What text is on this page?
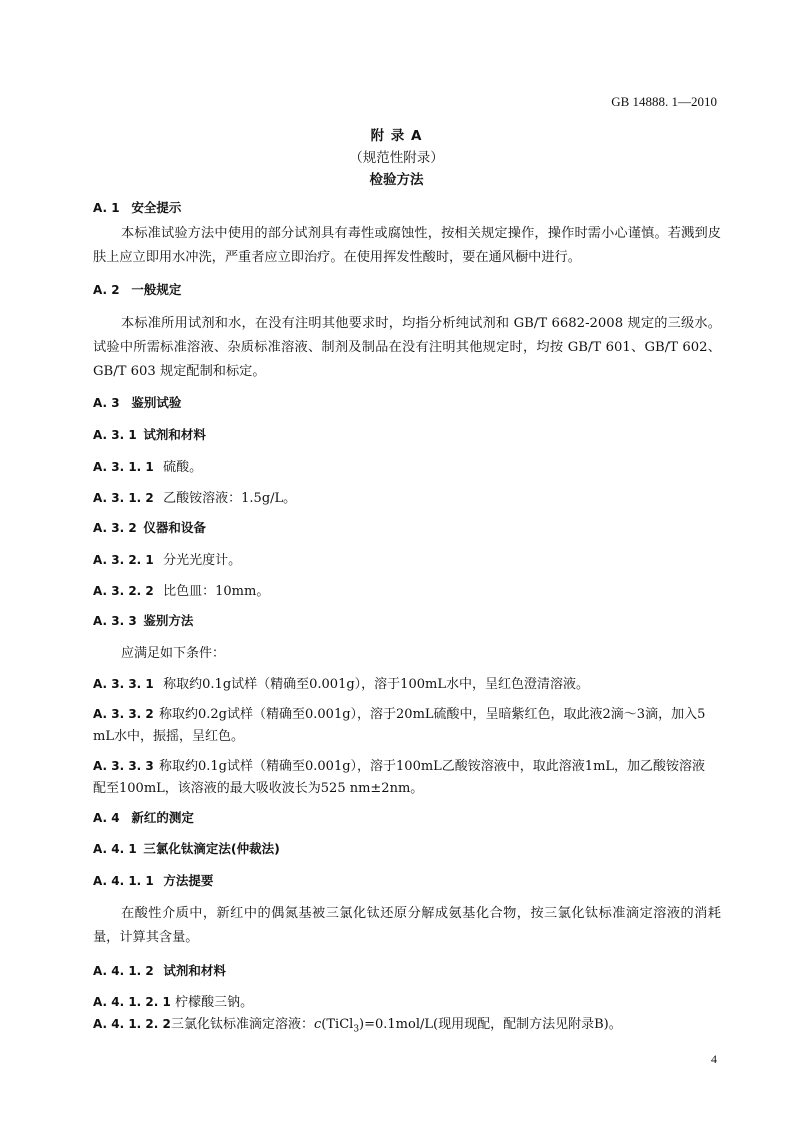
GB 14888. 1—2010
附 录 A
（规范性附录）
检验方法
A. 1 安全提示

本标准试验方法中使用的部分试剂具有毒性或腐蚀性，按相关规定操作，操作时需小心谨慎。若溅到皮肤上应立即用水冲洗，严重者应立即治疗。在使用挥发性酸时，要在通风橱中进行。

A. 2 一般规定

本标准所用试剂和水，在没有注明其他要求时，均指分析纯试剂和 GB/T 6682-2008 规定的三级水。试验中所需标准溶液、杂质标准溶液、制剂及制品在没有注明其他规定时，均按 GB/T 601、GB/T 602、GB/T 603 规定配制和标定。

A. 3 鉴别试验
A. 3. 1 试剂和材料
A. 3. 1. 1 硫酸。
A. 3. 1. 2 乙酸铵溶液：1.5g/L。
A. 3. 2 仪器和设备
A. 3. 2. 1 分光光度计。
A. 3. 2. 2 比色皿：10mm。
A. 3. 3 鉴别方法
应满足如下条件：
A. 3. 3. 1 称取约0.1g试样（精确至0.001g），溶于100mL水中，呈红色澄清溶液。
A. 3. 3. 2 称取约0.2g试样（精确至0.001g），溶于20mL硫酸中，呈暗紫红色，取此液2滴～3滴，加入5
mL水中，振摇，呈红色。
A. 3. 3. 3 称取约0.1g试样（精确至0.001g），溶于100mL乙酸铵溶液中，取此溶液1mL，加乙酸铵溶液
配至100mL，该溶液的最大吸收波长为525 nm±2nm。
A. 4 新红的测定
A. 4. 1 三氯化钛滴定法(仲裁法)
A. 4. 1. 1 方法提要

在酸性介质中，新红中的偶氮基被三氯化钛还原分解成氨基化合物，按三氯化钛标准滴定溶液的消耗量，计算其含量。

A. 4. 1. 2 试剂和材料
A. 4. 1. 2. 1 柠檬酸三钠。
A. 4. 1. 2. 2三氯化钛标准滴定溶液：c(TiCl$_3$)=0.1mol/L(现用现配，配制方法见附录B)。
4
